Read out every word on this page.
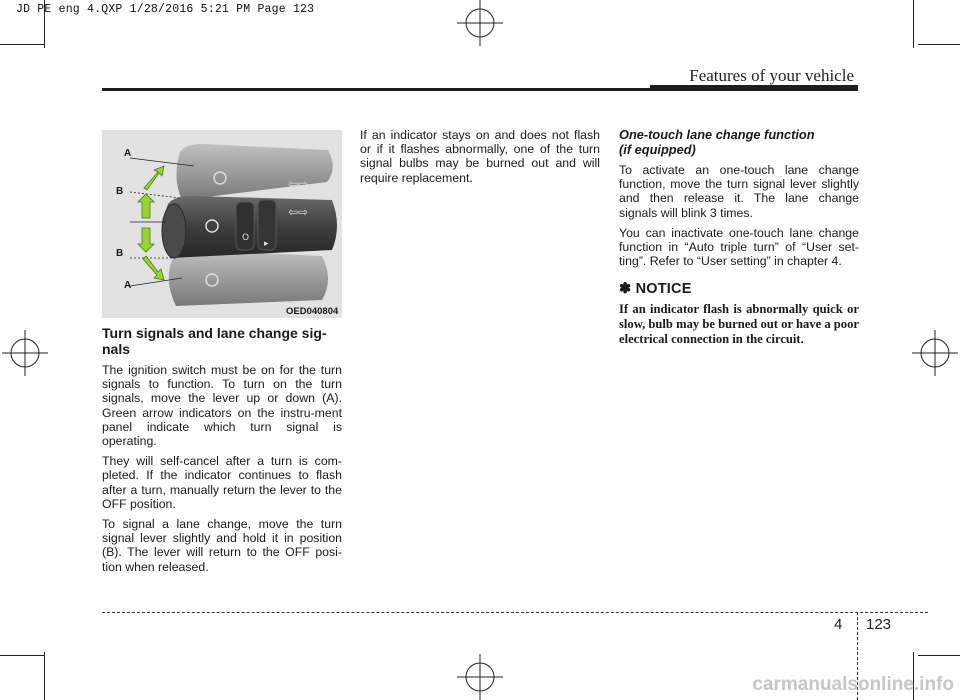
JD PE eng 4.QXP 1/28/2016 5:21 PM Page 123
Features of your vehicle
⇦⇨
⇦⇨
O
▸
A
B
B
A
OED040804
Turn signals and lane change sig-nals

The ignition switch must be on for the turn signals to function. To turn on the turn signals, move the lever up or down (A). Green arrow indicators on the instru-ment panel indicate which turn signal is operating.

They will self-cancel after a turn is com-pleted. If the indicator continues to flash after a turn, manually return the lever to the OFF position.

To signal a lane change, move the turn signal lever slightly and hold it in position (B). The lever will return to the OFF posi-tion when released.

If an indicator stays on and does not flash or if it flashes abnormally, one of the turn signal bulbs may be burned out and will require replacement.

One-touch lane change function
(if equipped)

To activate an one-touch lane change function, move the turn signal lever slightly and then release it. The lane change signals will blink 3 times.

You can inactivate one-touch lane change function in “Auto triple turn” of “User set-ting”. Refer to “User setting” in chapter 4.

✽ NOTICE
If an indicator flash is abnormally quick or slow, bulb may be burned out or have a poor electrical connection in the circuit.
4 123
carmanualsonline.info
